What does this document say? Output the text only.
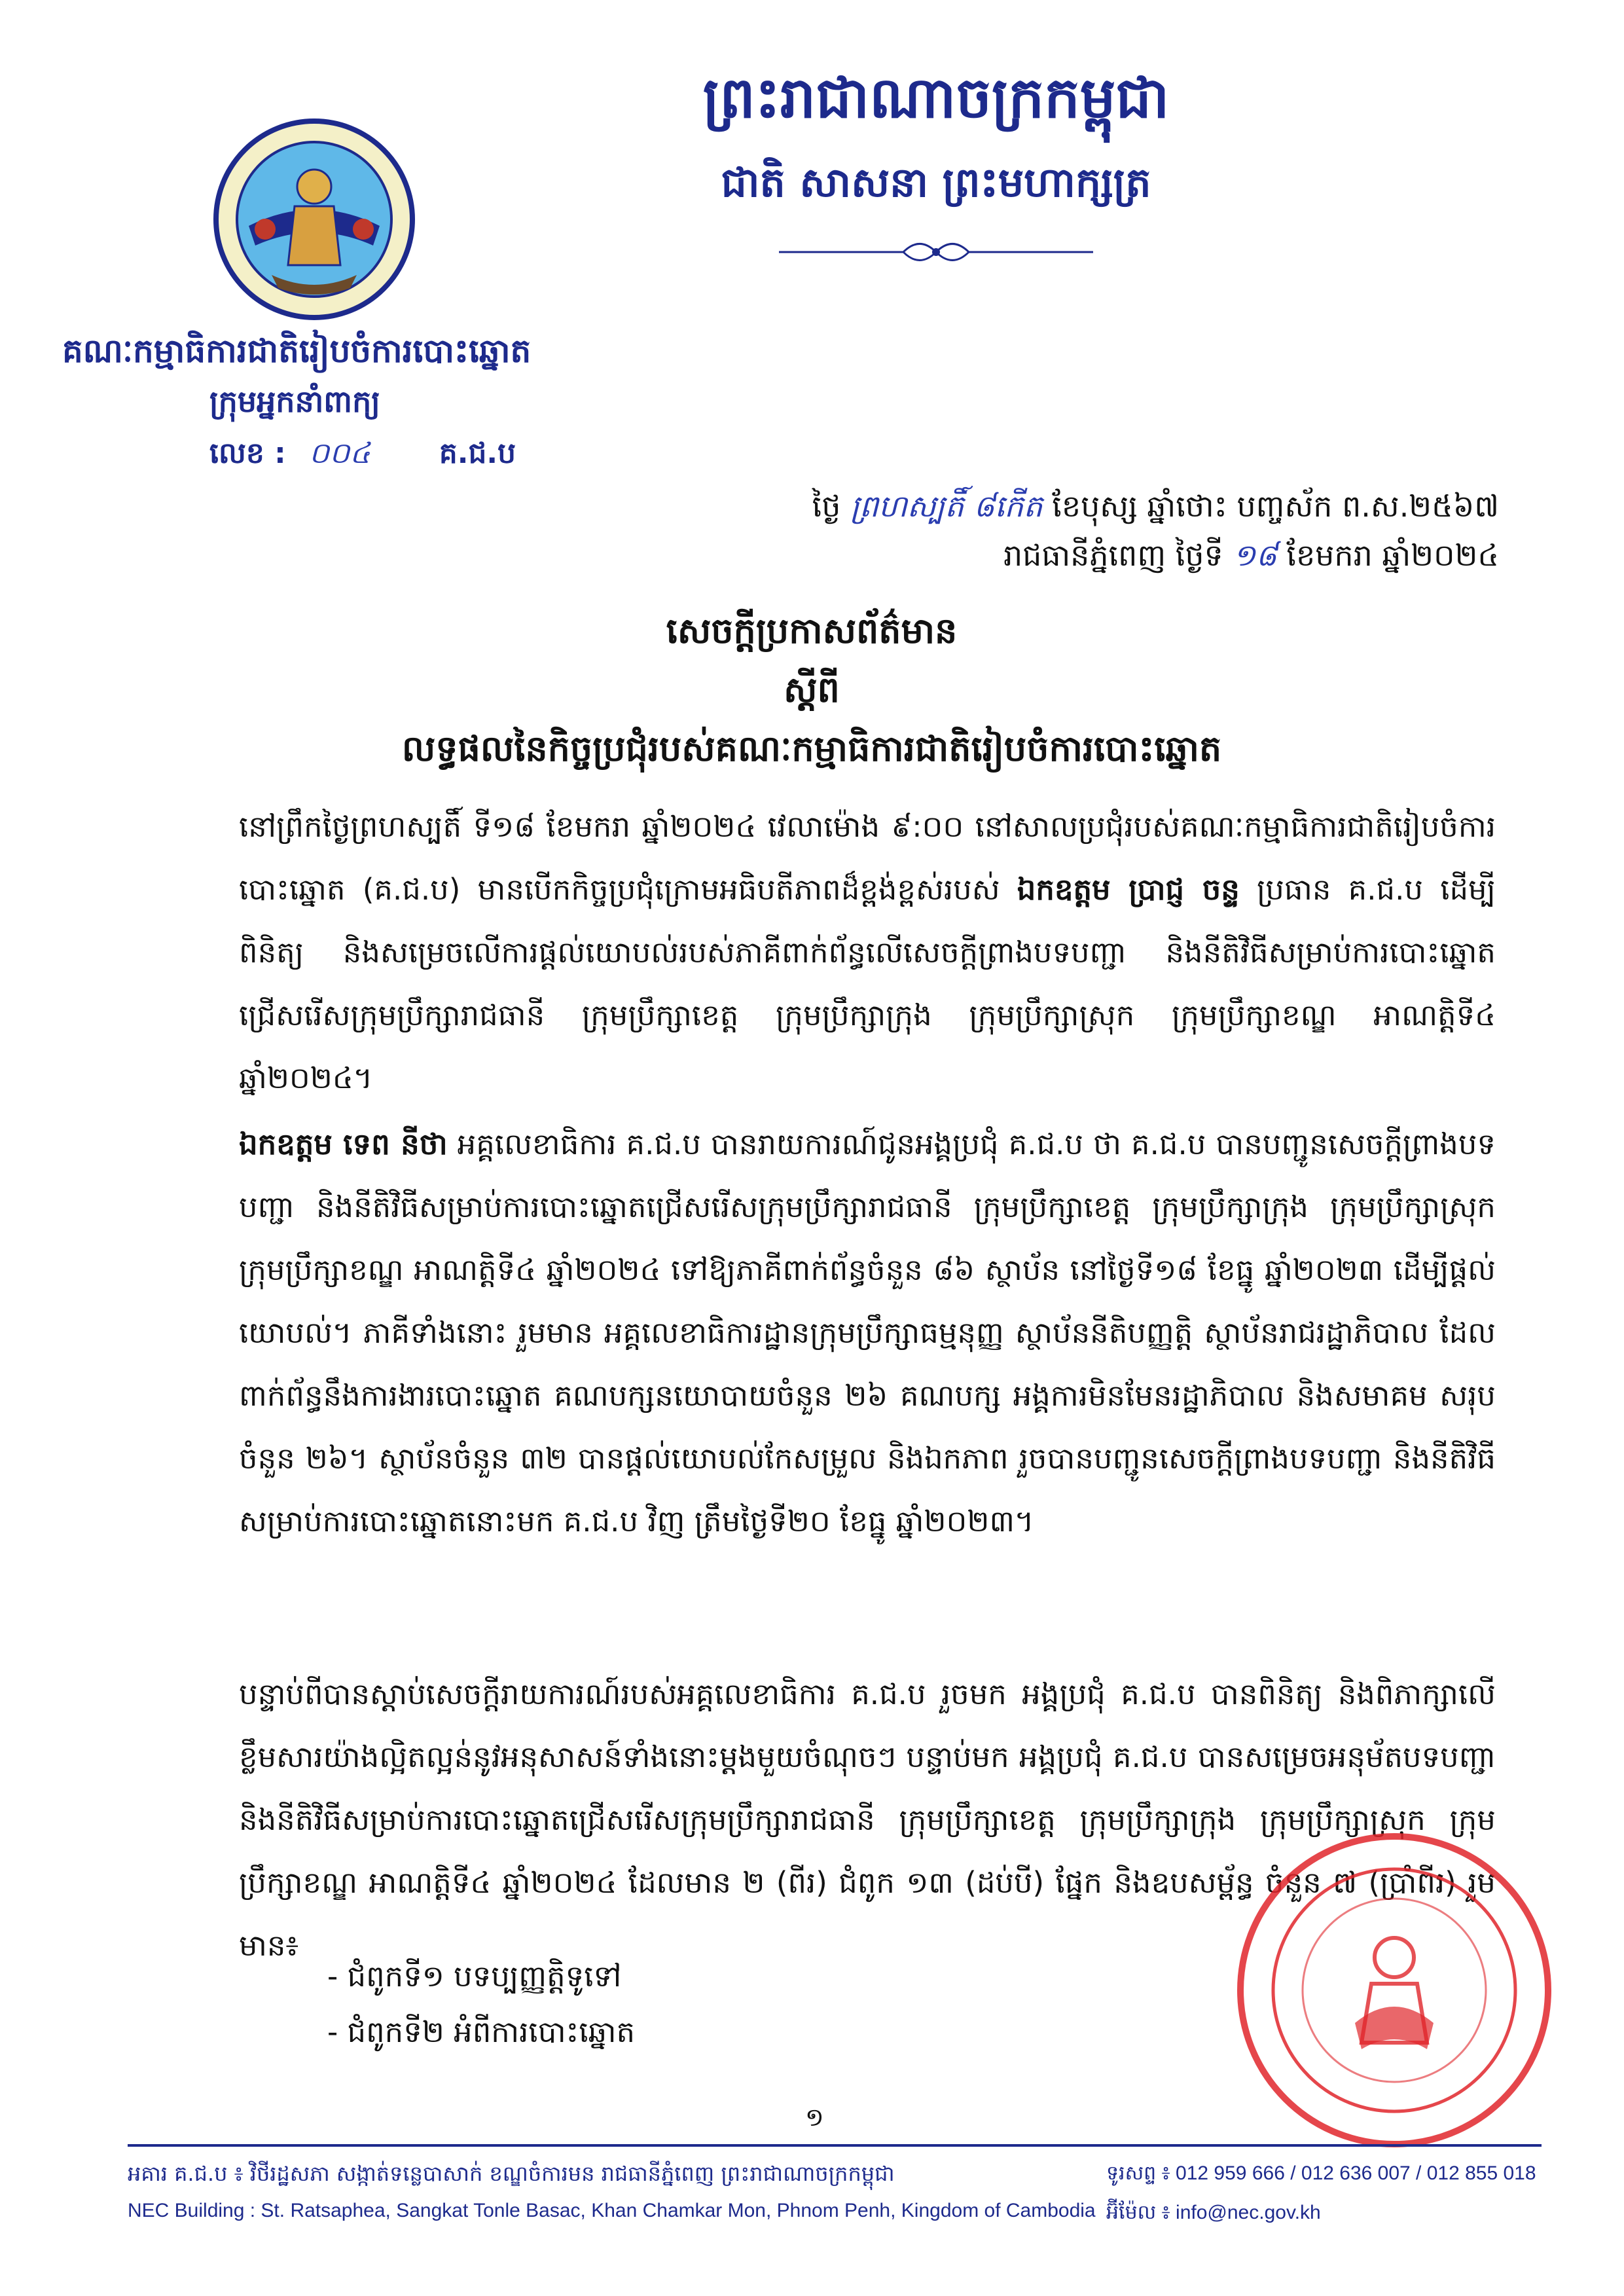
ព្រះរាជាណាចក្រកម្ពុជា
ជាតិ សាសនា ព្រះមហាក្សត្រ
គណៈកម្មាធិការជាតិរៀបចំការបោះឆ្នោត
ក្រុមអ្នកនាំពាក្យ
លេខ : ០០៤ គ.ជ.ប
ថ្ងៃ ព្រហស្បតិ៍ ៨កើត ខែបុស្ស ឆ្នាំថោះ បញ្ចស័ក ព.ស.២៥៦៧
រាជធានីភ្នំពេញ ថ្ងៃទី ១៨ ខែមករា ឆ្នាំ២០២៤
សេចក្តីប្រកាសព័ត៌មាន
ស្តីពី
លទ្ធផលនៃកិច្ចប្រជុំរបស់គណៈកម្មាធិការជាតិរៀបចំការបោះឆ្នោត
នៅព្រឹកថ្ងៃព្រហស្បតិ៍ ទី១៨ ខែមករា ឆ្នាំ២០២៤ វេលាម៉ោង ៩:០០ នៅសាលប្រជុំរបស់គណៈកម្មាធិការជាតិរៀបចំការបោះឆ្នោត (គ.ជ.ប) មានបើកកិច្ចប្រជុំក្រោមអធិបតីភាពដ៏ខ្ពង់ខ្ពស់របស់ ឯកឧត្តម ប្រាជ្ញ ចន្ទ ប្រធាន គ.ជ.ប ដើម្បីពិនិត្យ និងសម្រេចលើការផ្តល់យោបល់របស់ភាគីពាក់ព័ន្ធលើសេចក្តីព្រាងបទបញ្ជា និងនីតិវិធីសម្រាប់ការបោះឆ្នោតជ្រើសរើសក្រុមប្រឹក្សារាជធានី ក្រុមប្រឹក្សាខេត្ត ក្រុមប្រឹក្សាក្រុង ក្រុមប្រឹក្សាស្រុក ក្រុមប្រឹក្សាខណ្ឌ អាណត្តិទី៤ ឆ្នាំ២០២៤។
ឯកឧត្តម ទេព នីថា អគ្គលេខាធិការ គ.ជ.ប បានរាយការណ៍ជូនអង្គប្រជុំ គ.ជ.ប ថា គ.ជ.ប បានបញ្ជូនសេចក្តីព្រាងបទបញ្ជា និងនីតិវិធីសម្រាប់ការបោះឆ្នោតជ្រើសរើសក្រុមប្រឹក្សារាជធានី ក្រុមប្រឹក្សាខេត្ត ក្រុមប្រឹក្សាក្រុង ក្រុមប្រឹក្សាស្រុក ក្រុមប្រឹក្សាខណ្ឌ អាណត្តិទី៤ ឆ្នាំ២០២៤ ទៅឱ្យភាគីពាក់ព័ន្ធចំនួន ៨៦ ស្ថាប័ន នៅថ្ងៃទី១៨ ខែធ្នូ ឆ្នាំ២០២៣ ដើម្បីផ្តល់យោបល់។ ភាគីទាំងនោះ រួមមាន អគ្គលេខាធិការដ្ឋានក្រុមប្រឹក្សាធម្មនុញ្ញ ស្ថាប័ននីតិបញ្ញត្តិ ស្ថាប័នរាជរដ្ឋាភិបាល ដែលពាក់ព័ន្ធនឹងការងារបោះឆ្នោត គណបក្សនយោបាយចំនួន ២៦ គណបក្ស អង្គការមិនមែនរដ្ឋាភិបាល និងសមាគម សរុបចំនួន ២៦។ ស្ថាប័នចំនួន ៣២ បានផ្តល់យោបល់កែសម្រួល និងឯកភាព រួចបានបញ្ជូនសេចក្តីព្រាងបទបញ្ជា និងនីតិវិធីសម្រាប់ការបោះឆ្នោតនោះមក គ.ជ.ប វិញ ត្រឹមថ្ងៃទី២០ ខែធ្នូ ឆ្នាំ២០២៣។
បន្ទាប់ពីបានស្តាប់សេចក្តីរាយការណ៍របស់អគ្គលេខាធិការ គ.ជ.ប រួចមក អង្គប្រជុំ គ.ជ.ប បានពិនិត្យ និងពិភាក្សាលើខ្លឹមសារយ៉ាងល្អិតល្អន់នូវអនុសាសន៍ទាំងនោះម្តងមួយចំណុចៗ បន្ទាប់មក អង្គប្រជុំ គ.ជ.ប បានសម្រេចអនុម័តបទបញ្ជា និងនីតិវិធីសម្រាប់ការបោះឆ្នោតជ្រើសរើសក្រុមប្រឹក្សារាជធានី ក្រុមប្រឹក្សាខេត្ត ក្រុមប្រឹក្សាក្រុង ក្រុមប្រឹក្សាស្រុក ក្រុមប្រឹក្សាខណ្ឌ អាណត្តិទី៤ ឆ្នាំ២០២៤ ដែលមាន ២ (ពីរ) ជំពូក ១៣ (ដប់បី) ផ្នែក និងឧបសម្ព័ន្ធ ចំនួន ៧ (ប្រាំពីរ) រួមមាន៖
- ជំពូកទី១ បទប្បញ្ញត្តិទូទៅ
- ជំពូកទី២ អំពីការបោះឆ្នោត
១
អគារ គ.ជ.ប ៖ វិថីរដ្ឋសភា សង្កាត់ទន្លេបាសាក់ ខណ្ឌចំការមន រាជធានីភ្នំពេញ ព្រះរាជាណាចក្រកម្ពុជា
NEC Building : St. Ratsaphea, Sangkat Tonle Basac, Khan Chamkar Mon, Phnom Penh, Kingdom of Cambodia
ទូរសព្ទ ៖ 012 959 666 / 012 636 007 / 012 855 018
អ៊ីម៉ែល ៖ info@nec.gov.kh
